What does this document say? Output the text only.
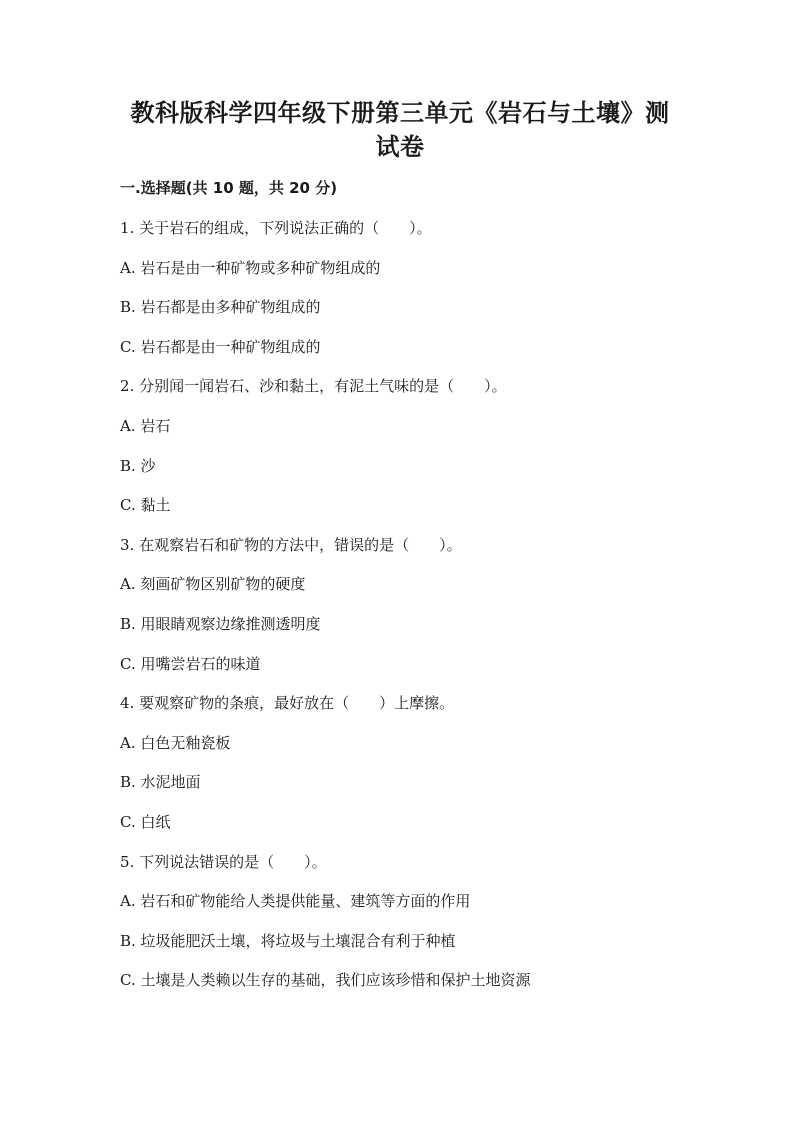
教科版科学四年级下册第三单元《岩石与土壤》测
试卷
一.选择题(共 10 题，共 20 分)
1. 关于岩石的组成，下列说法正确的（　　）。
A. 岩石是由一种矿物或多种矿物组成的
B. 岩石都是由多种矿物组成的
C. 岩石都是由一种矿物组成的
2. 分别闻一闻岩石、沙和黏土，有泥土气味的是（　　）。
A. 岩石
B. 沙
C. 黏土
3. 在观察岩石和矿物的方法中，错误的是（　　）。
A. 刻画矿物区别矿物的硬度
B. 用眼睛观察边缘推测透明度
C. 用嘴尝岩石的味道
4. 要观察矿物的条痕，最好放在（　　）上摩擦。
A. 白色无釉瓷板
B. 水泥地面
C. 白纸
5. 下列说法错误的是（　　）。
A. 岩石和矿物能给人类提供能量、建筑等方面的作用
B. 垃圾能肥沃土壤，将垃圾与土壤混合有利于种植
C. 土壤是人类赖以生存的基础，我们应该珍惜和保护土地资源
